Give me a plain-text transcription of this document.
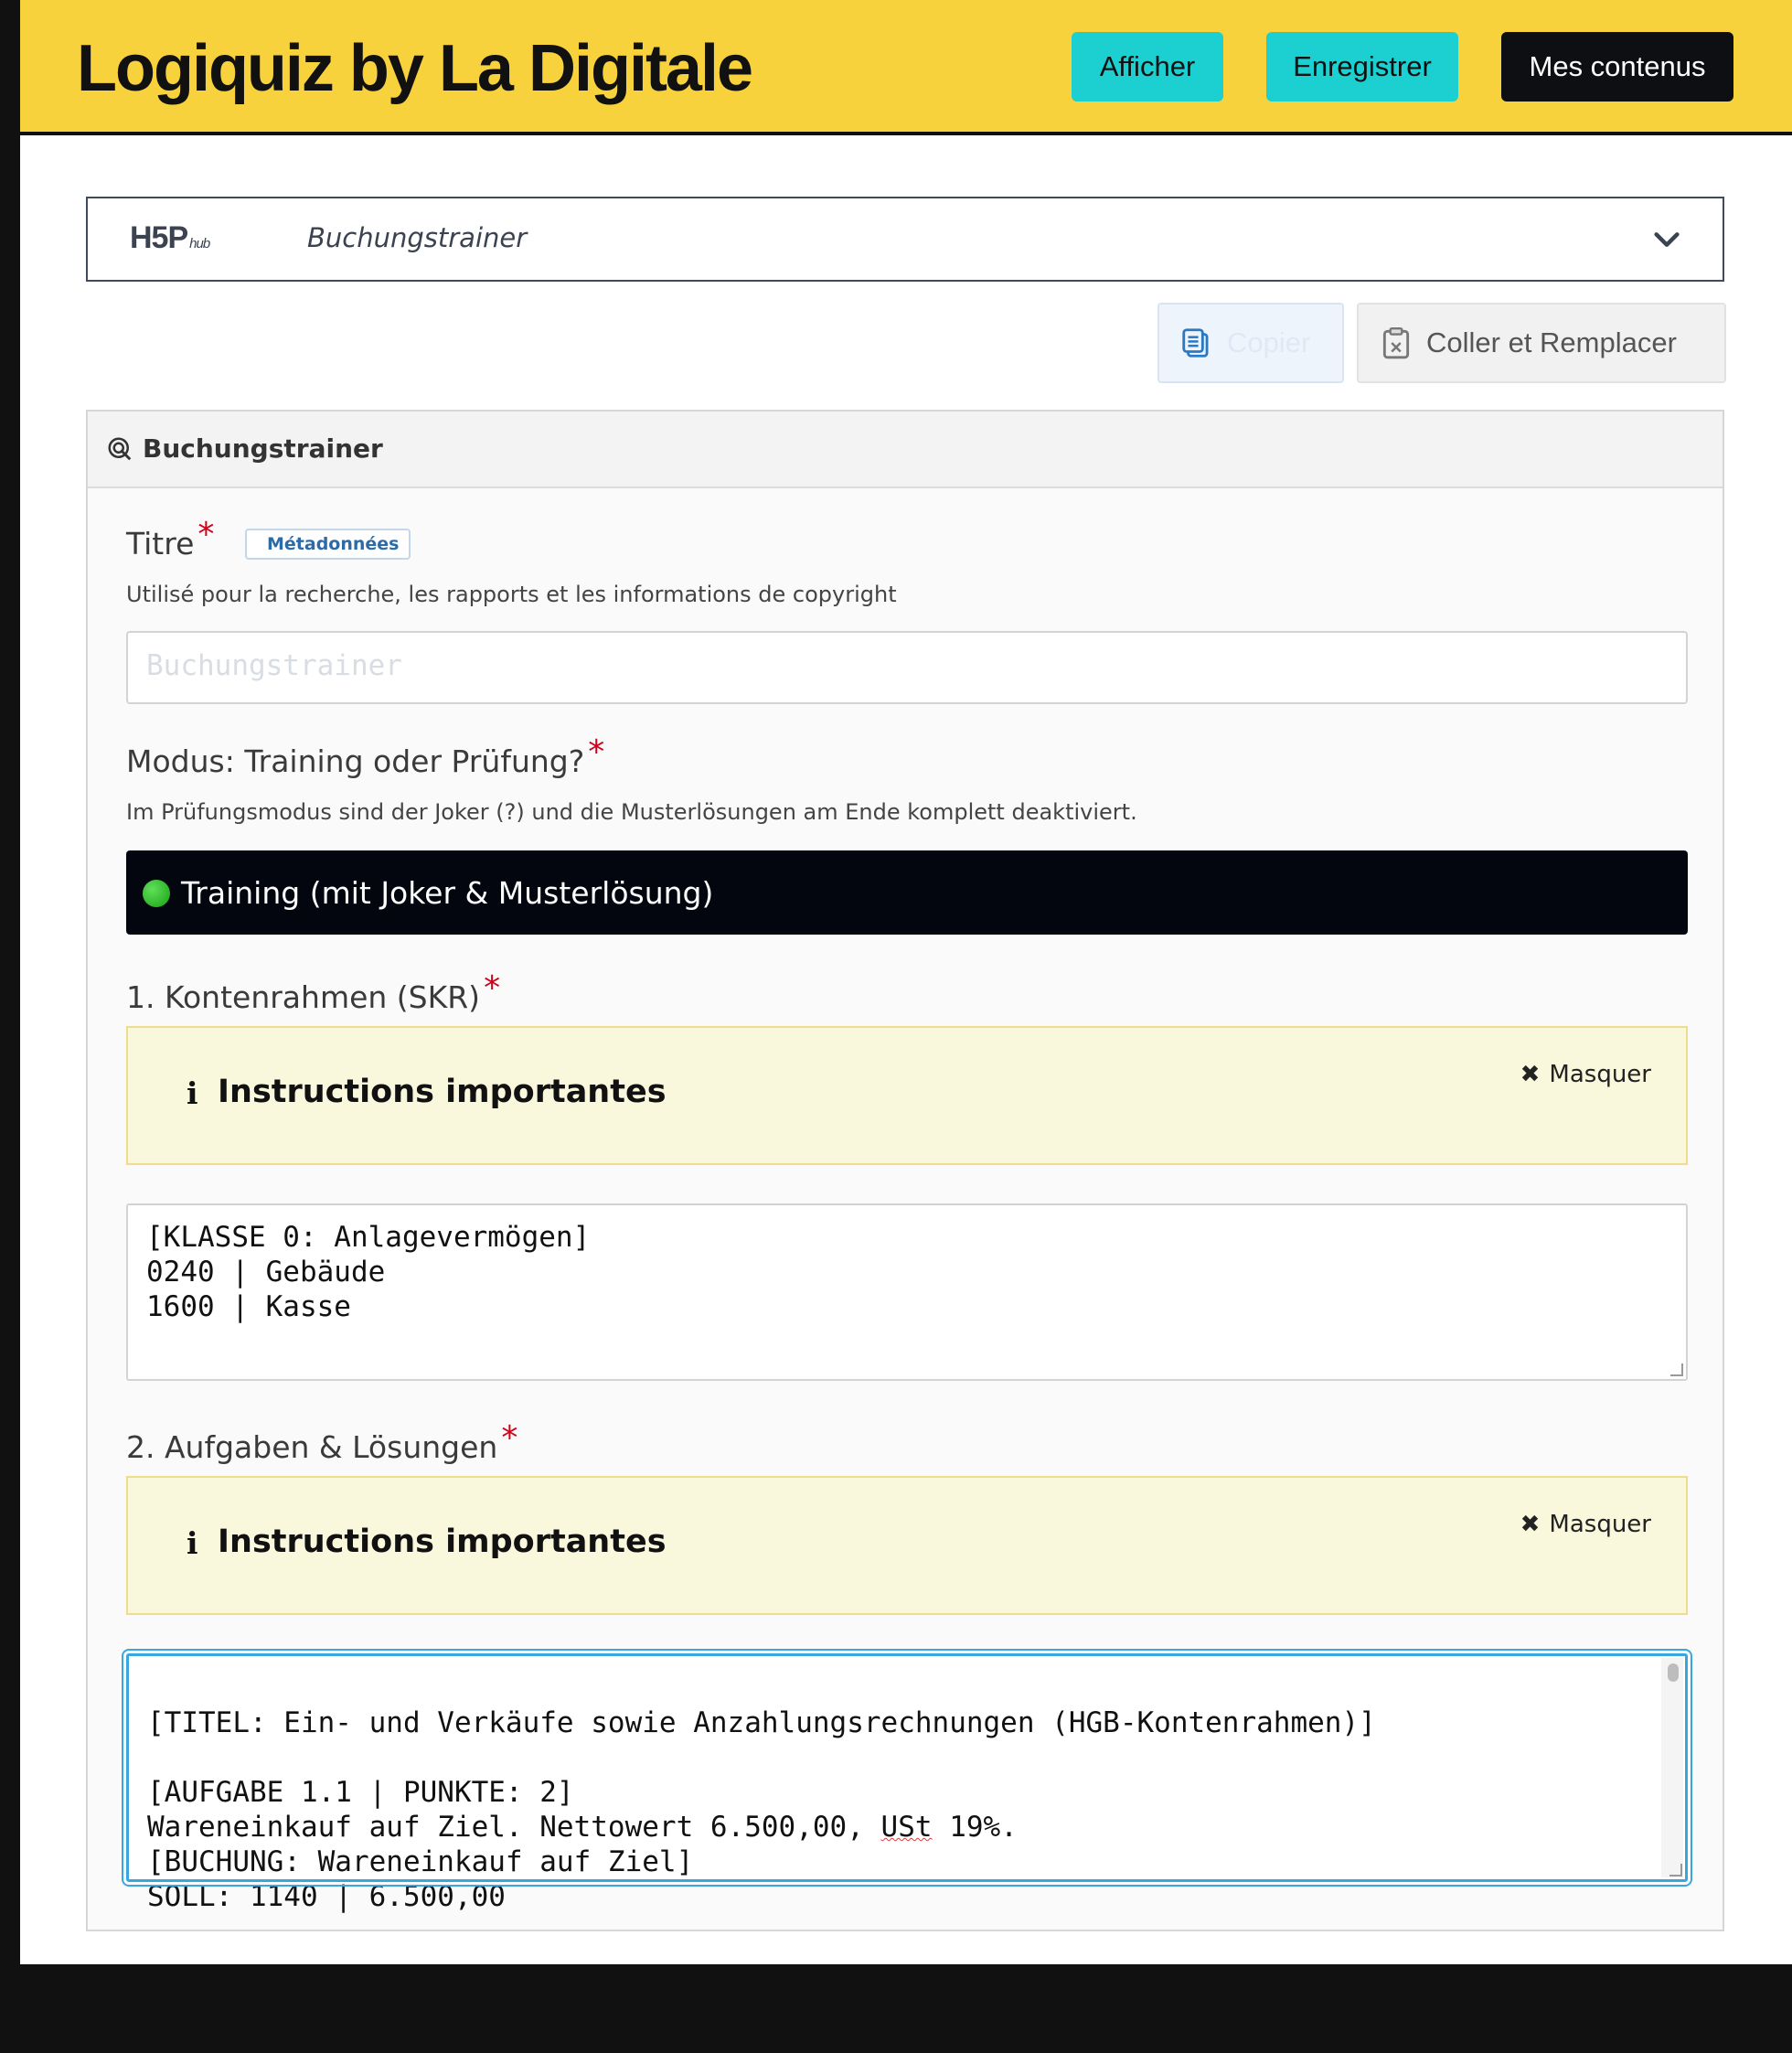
Logiquiz by La Digitale	Afficher	Enregistrer	Mes contenus
H5P hub	Buchungstrainer
Copier	Coller et Remplacer
Buchungstrainer
Titre *	Métadonnées
Utilisé pour la recherche, les rapports et les informations de copyright
Buchungstrainer
Modus: Training oder Prüfung? *
Im Prüfungsmodus sind der Joker (?) und die Musterlösungen am Ende komplett deaktiviert.
Training (mit Joker & Musterlösung)
1. Kontenrahmen (SKR) *
i Instructions importantes	✖ Masquer
[KLASSE 0: Anlagevermögen]
0240 | Gebäude
1600 | Kasse
2. Aufgaben & Lösungen *
i Instructions importantes	✖ Masquer

[TITEL: Ein- und Verkäufe sowie Anzahlungsrechnungen (HGB-Kontenrahmen)]
[AUFGABE 1.1 | PUNKTE: 2]
Wareneinkauf auf Ziel. Nettowert 6.500,00, USt 19%.
[BUCHUNG: Wareneinkauf auf Ziel]
SOLL: 1140 | 6.500,00
